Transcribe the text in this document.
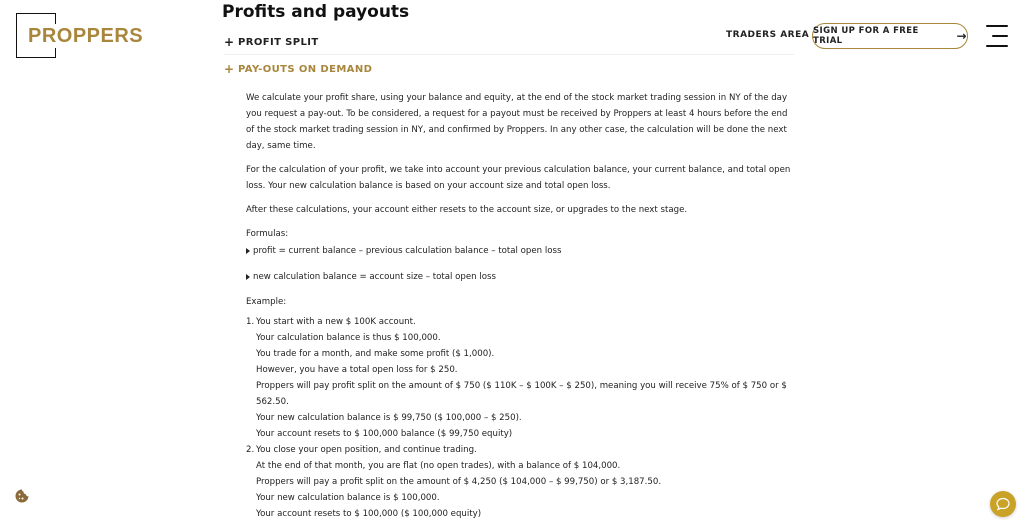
PROPPERS

Profits and payouts
+ PROFIT SPLIT
+ PAY-OUTS ON DEMAND
TRADERS AREA SIGN UP FOR A FREE TRIAL	→

We calculate your profit share, using your balance and equity, at the end of the stock market trading session in NY of the day you request a pay-out. To be considered, a request for a payout must be received by Proppers at least 4 hours before the end of the stock market trading session in NY, and confirmed by Proppers. In any other case, the calculation will be done the next day, same time.

For the calculation of your profit, we take into account your previous calculation balance, your current balance, and total open loss. Your new calculation balance is based on your account size and total open loss.

After these calculations, your account either resets to the account size, or upgrades to the next stage.

Formulas:

profit = current balance – previous calculation balance – total open loss

new calculation balance = account size – total open loss

Example:

1. You start with a new $ 100K account.
Your calculation balance is thus $ 100,000.
You trade for a month, and make some profit ($ 1,000).
However, you have a total open loss for $ 250.
Proppers will pay profit split on the amount of $ 750 ($ 110K – $ 100K – $ 250), meaning you will receive 75% of $ 750 or $ 562.50.
Your new calculation balance is $ 99,750 ($ 100,000 – $ 250).
Your account resets to $ 100,000 balance ($ 99,750 equity)
2. You close your open position, and continue trading.
At the end of that month, you are flat (no open trades), with a balance of $ 104,000.
Proppers will pay a profit split on the amount of $ 4,250 ($ 104,000 – $ 99,750) or $ 3,187.50.
Your new calculation balance is $ 100,000.
Your account resets to $ 100,000 ($ 100,000 equity)
